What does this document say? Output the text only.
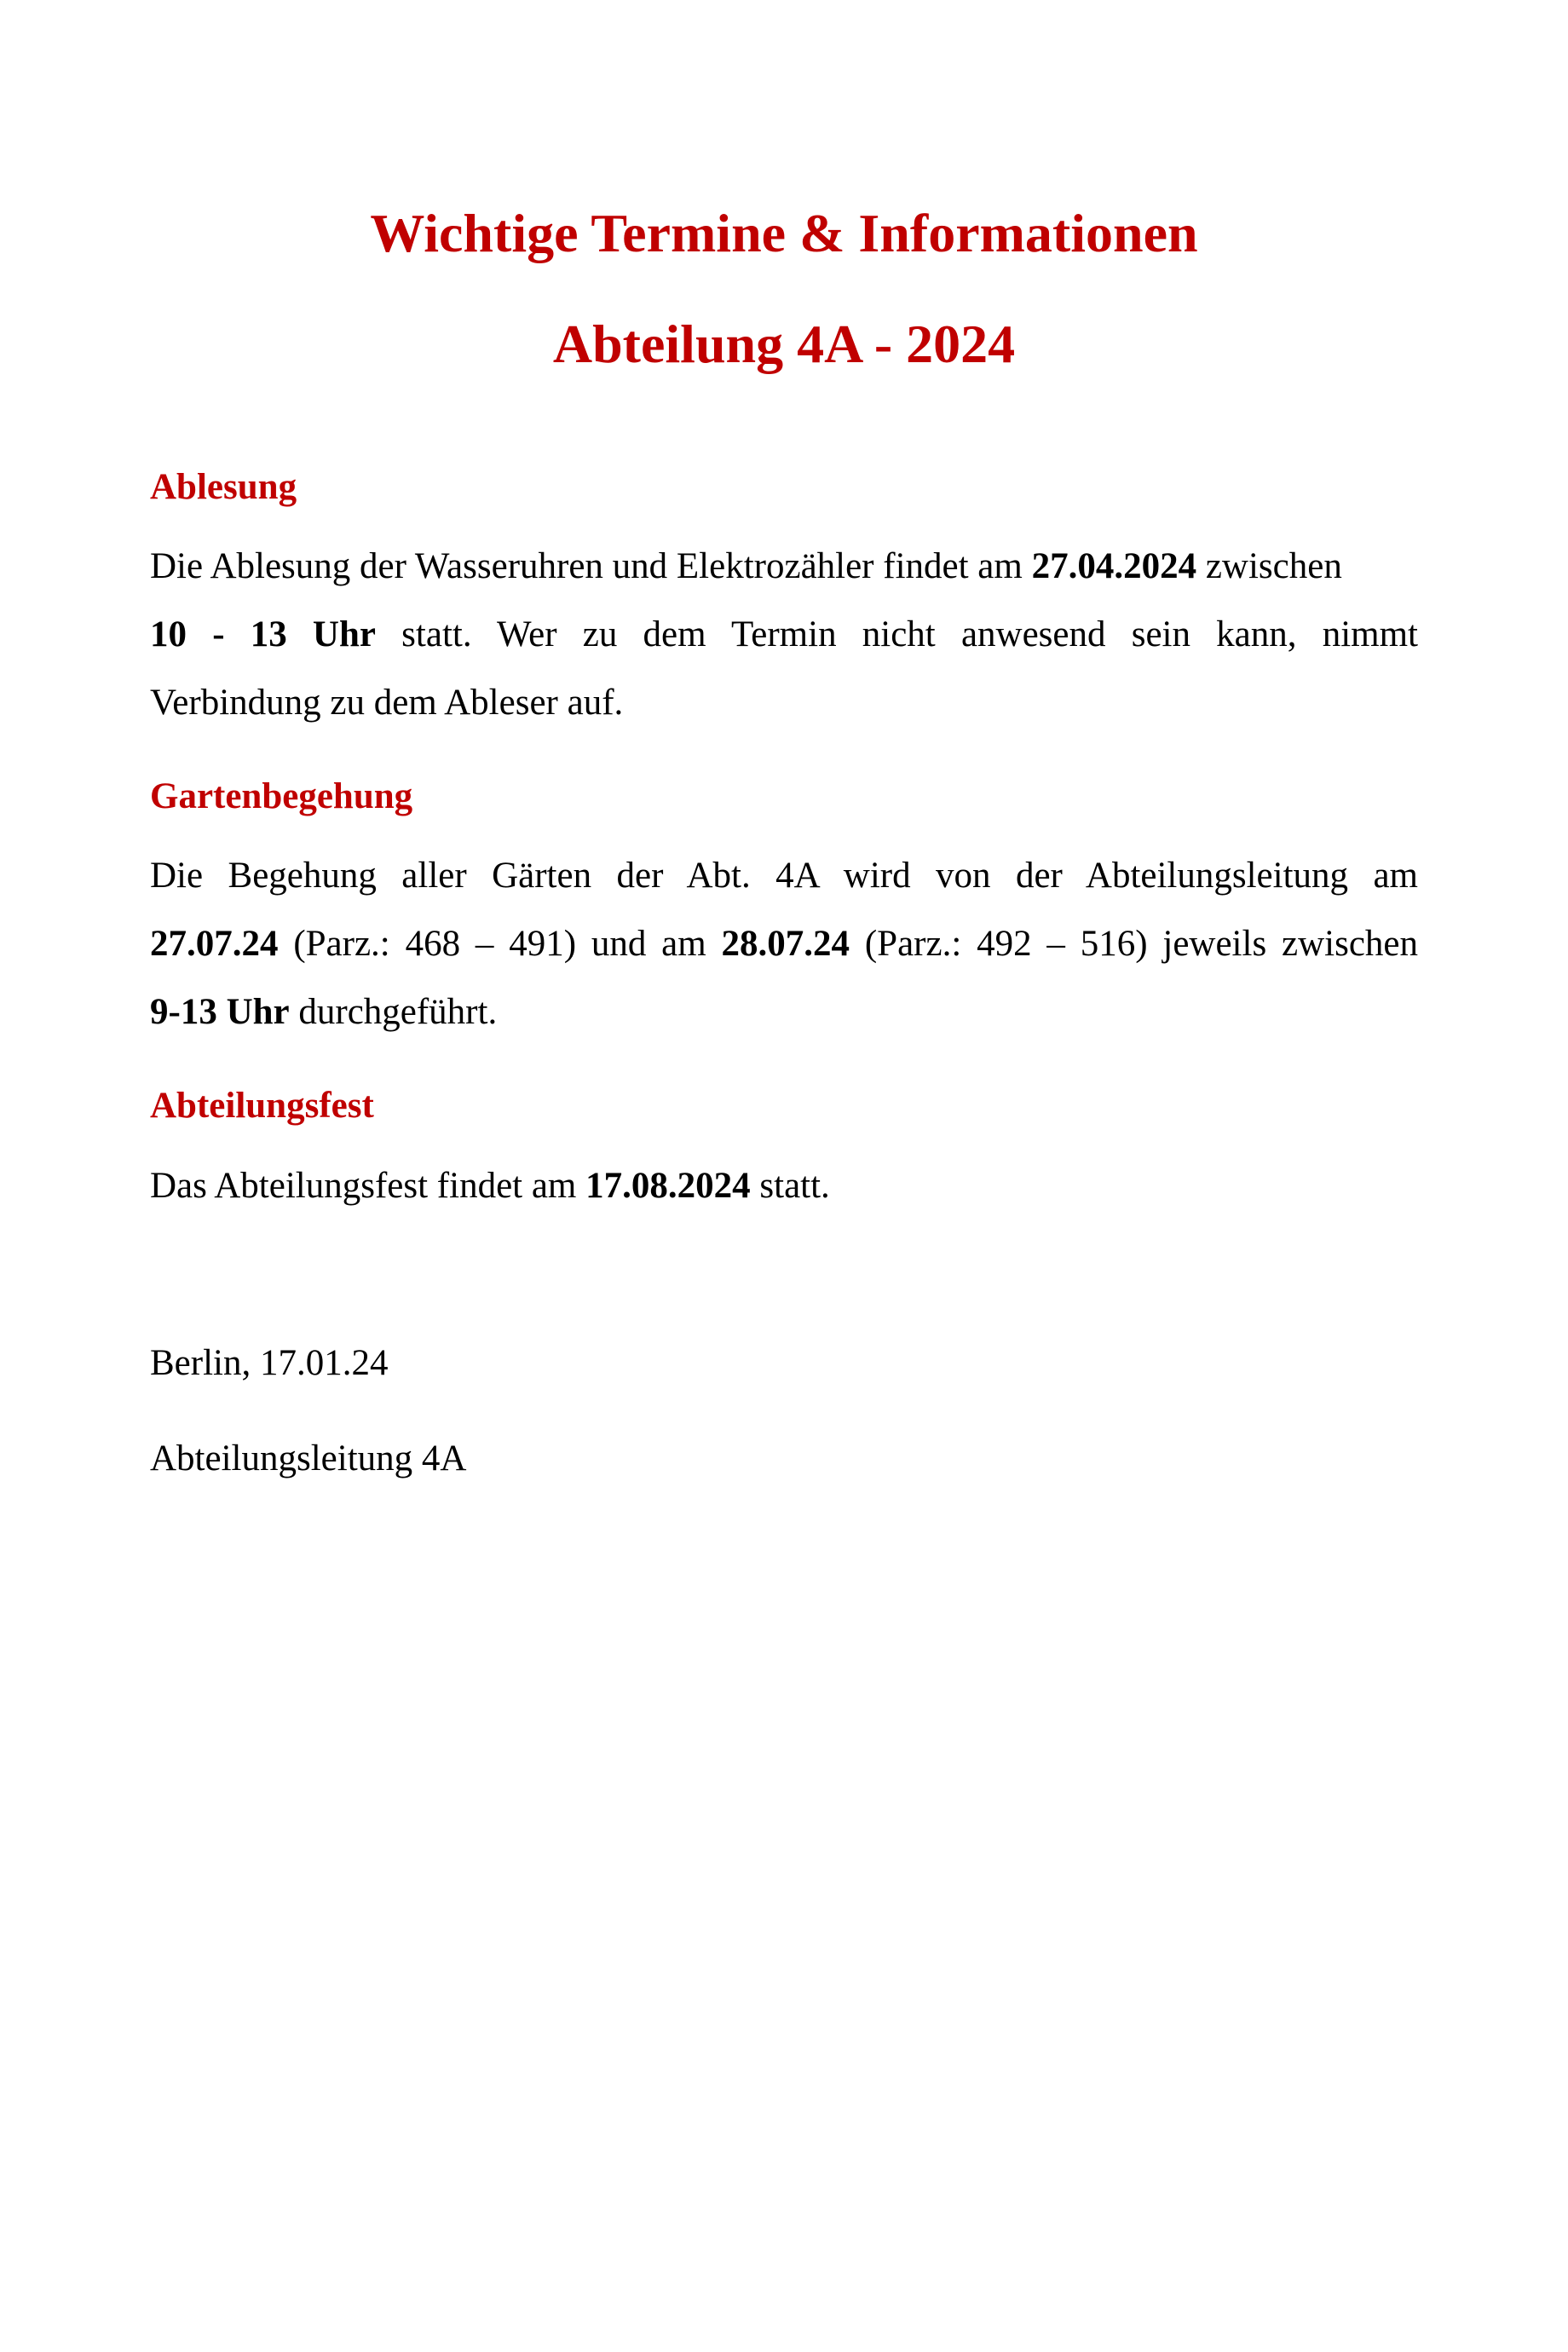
Wichtige Termine & Informationen
Abteilung 4A - 2024
Ablesung
Die Ablesung der Wasseruhren und Elektrozähler findet am 27.04.2024 zwischen
10 - 13 Uhr statt. Wer zu dem Termin nicht anwesend sein kann, nimmt
Verbindung zu dem Ableser auf.
Gartenbegehung
Die Begehung aller Gärten der Abt. 4A wird von der Abteilungsleitung am
27.07.24 (Parz.: 468 – 491) und am 28.07.24 (Parz.: 492 – 516) jeweils zwischen
9-13 Uhr durchgeführt.
Abteilungsfest

Das Abteilungsfest findet am 17.08.2024 statt.

Berlin, 17.01.24

Abteilungsleitung 4A
